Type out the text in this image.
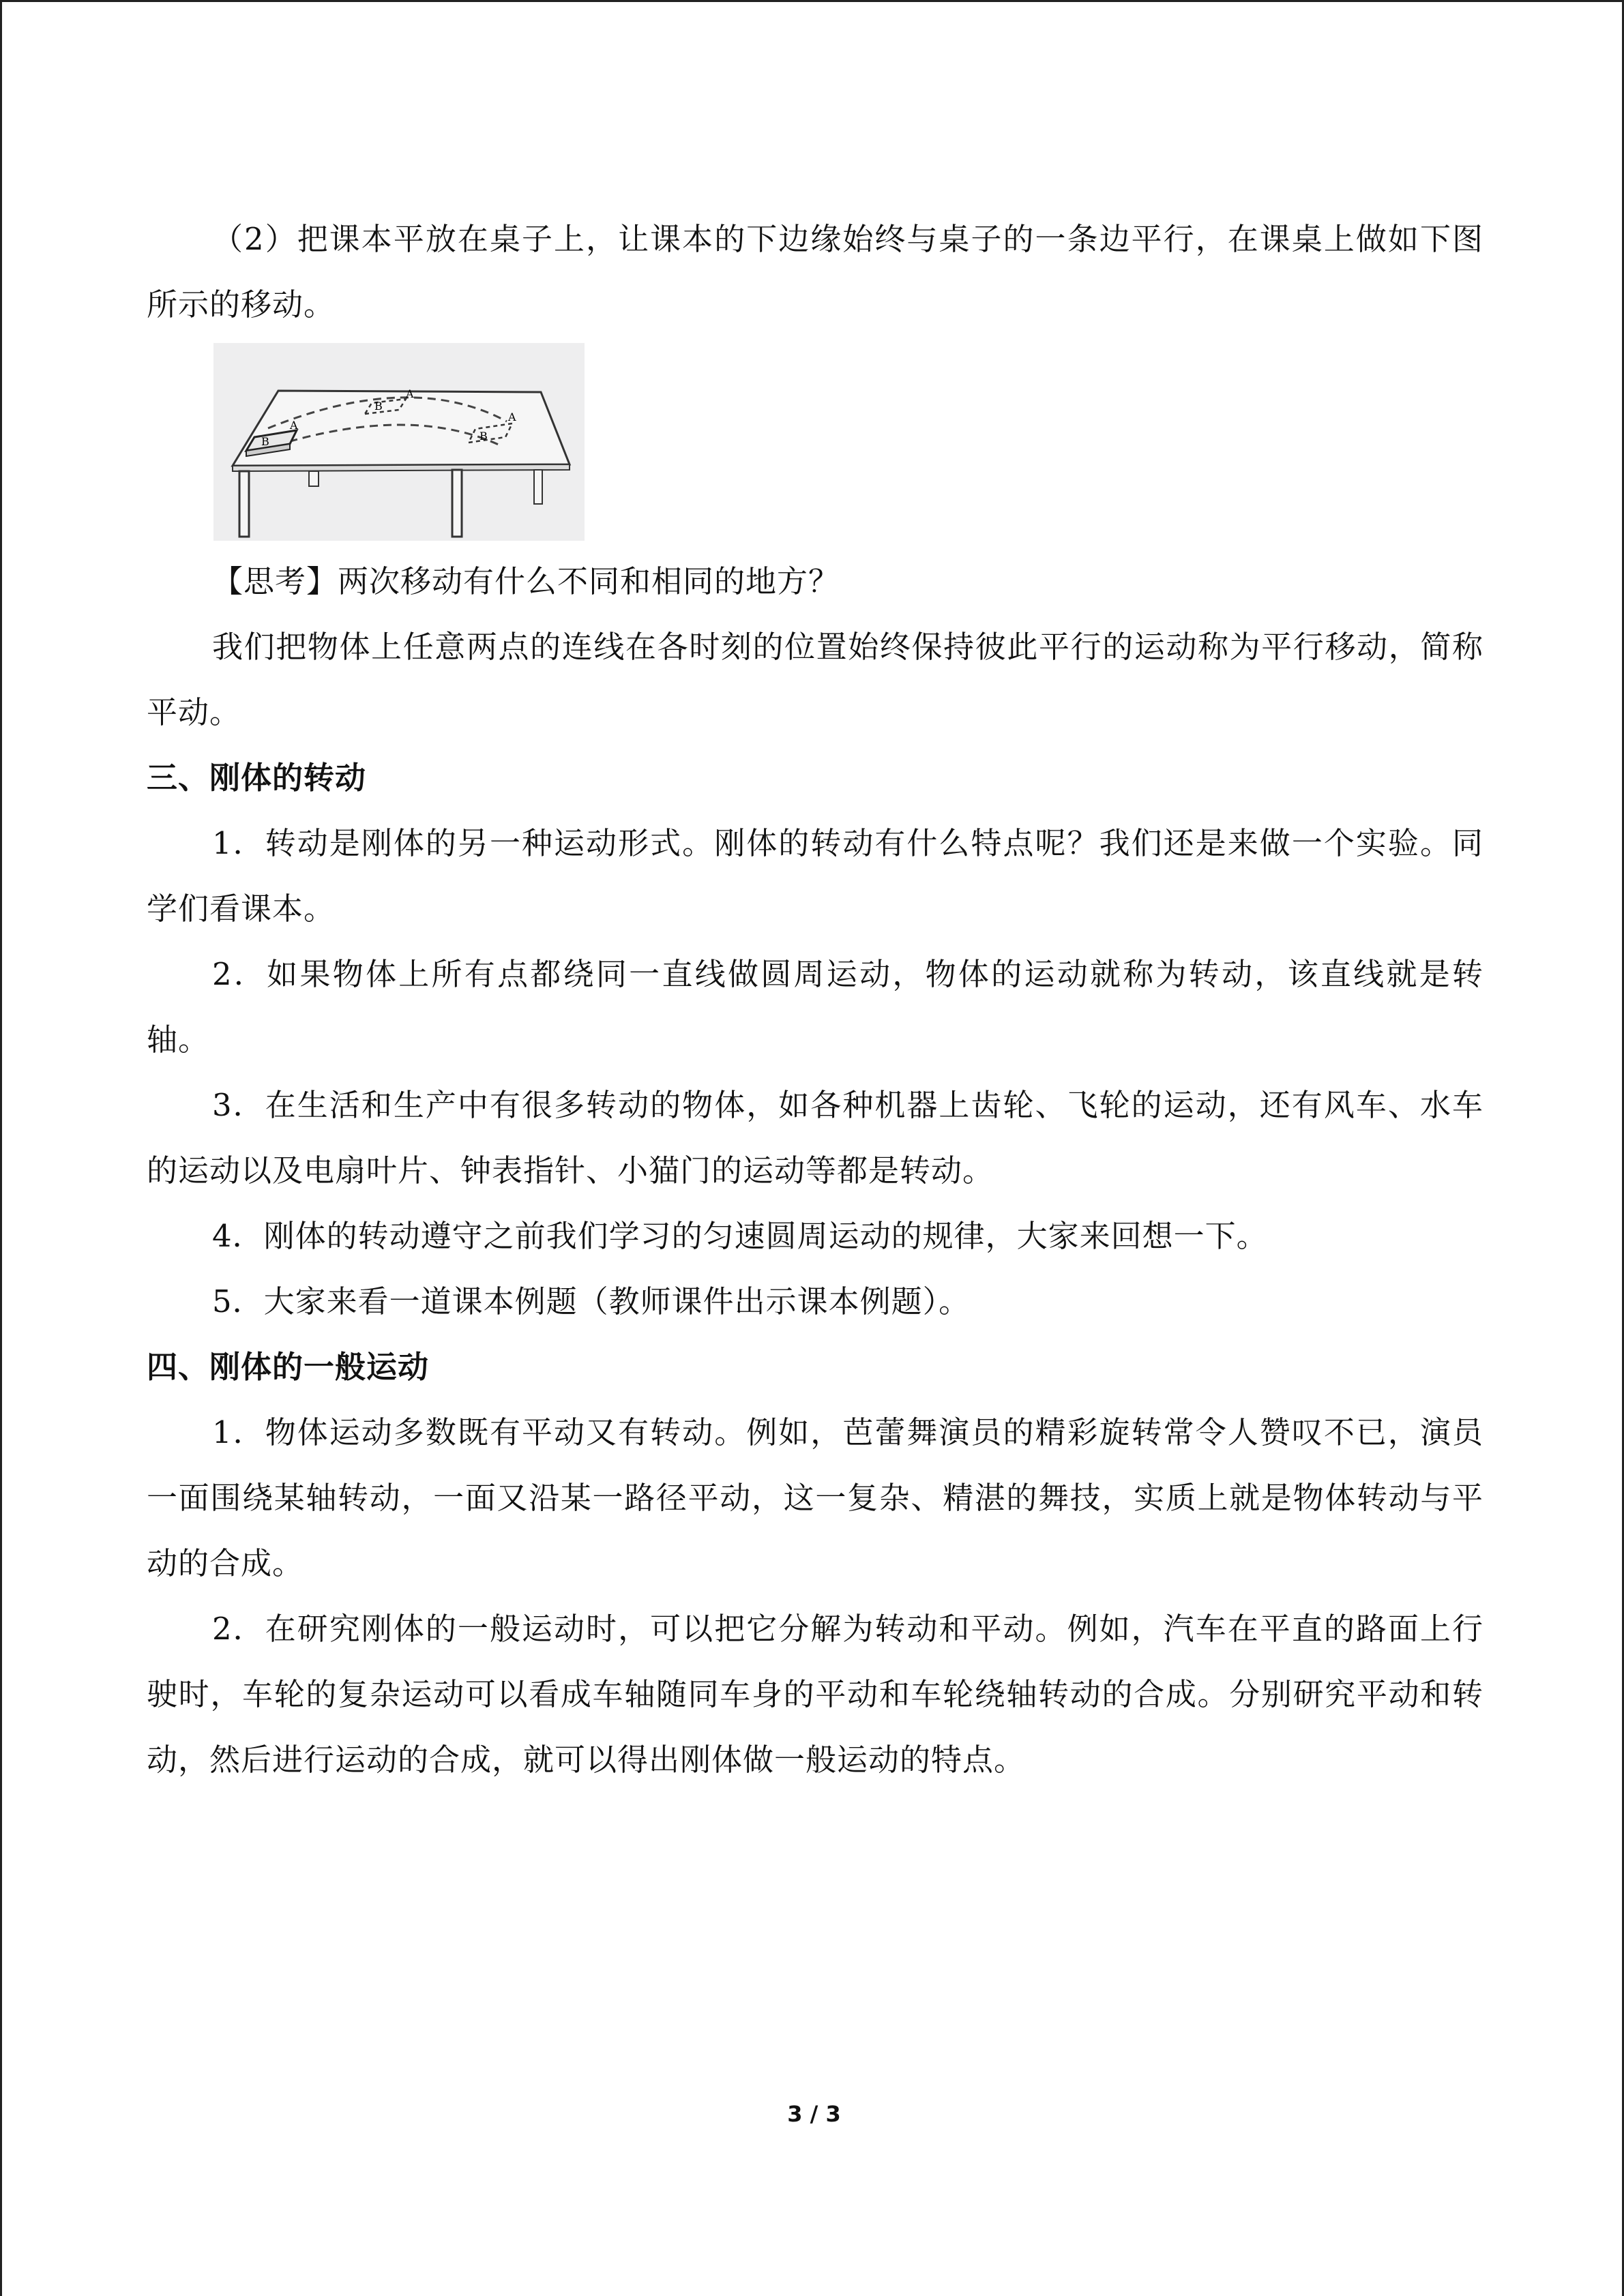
（2）把课本平放在桌子上，让课本的下边缘始终与桌子的一条边平行，在课桌上做如下图所示的移动。

B
A
B
A
B
A

【思考】两次移动有什么不同和相同的地方？

我们把物体上任意两点的连线在各时刻的位置始终保持彼此平行的运动称为平行移动，简称平动。

三、刚体的转动

1．转动是刚体的另一种运动形式。刚体的转动有什么特点呢？我们还是来做一个实验。同学们看课本。

2．如果物体上所有点都绕同一直线做圆周运动，物体的运动就称为转动，该直线就是转轴。

3．在生活和生产中有很多转动的物体，如各种机器上齿轮、飞轮的运动，还有风车、水车的运动以及电扇叶片、钟表指针、小猫门的运动等都是转动。

4．刚体的转动遵守之前我们学习的匀速圆周运动的规律，大家来回想一下。

5．大家来看一道课本例题（教师课件出示课本例题）。

四、刚体的一般运动

1．物体运动多数既有平动又有转动。例如，芭蕾舞演员的精彩旋转常令人赞叹不已，演员一面围绕某轴转动，一面又沿某一路径平动，这一复杂、精湛的舞技，实质上就是物体转动与平动的合成。

2．在研究刚体的一般运动时，可以把它分解为转动和平动。例如，汽车在平直的路面上行驶时，车轮的复杂运动可以看成车轴随同车身的平动和车轮绕轴转动的合成。分别研究平动和转动，然后进行运动的合成，就可以得出刚体做一般运动的特点。

3 / 3
